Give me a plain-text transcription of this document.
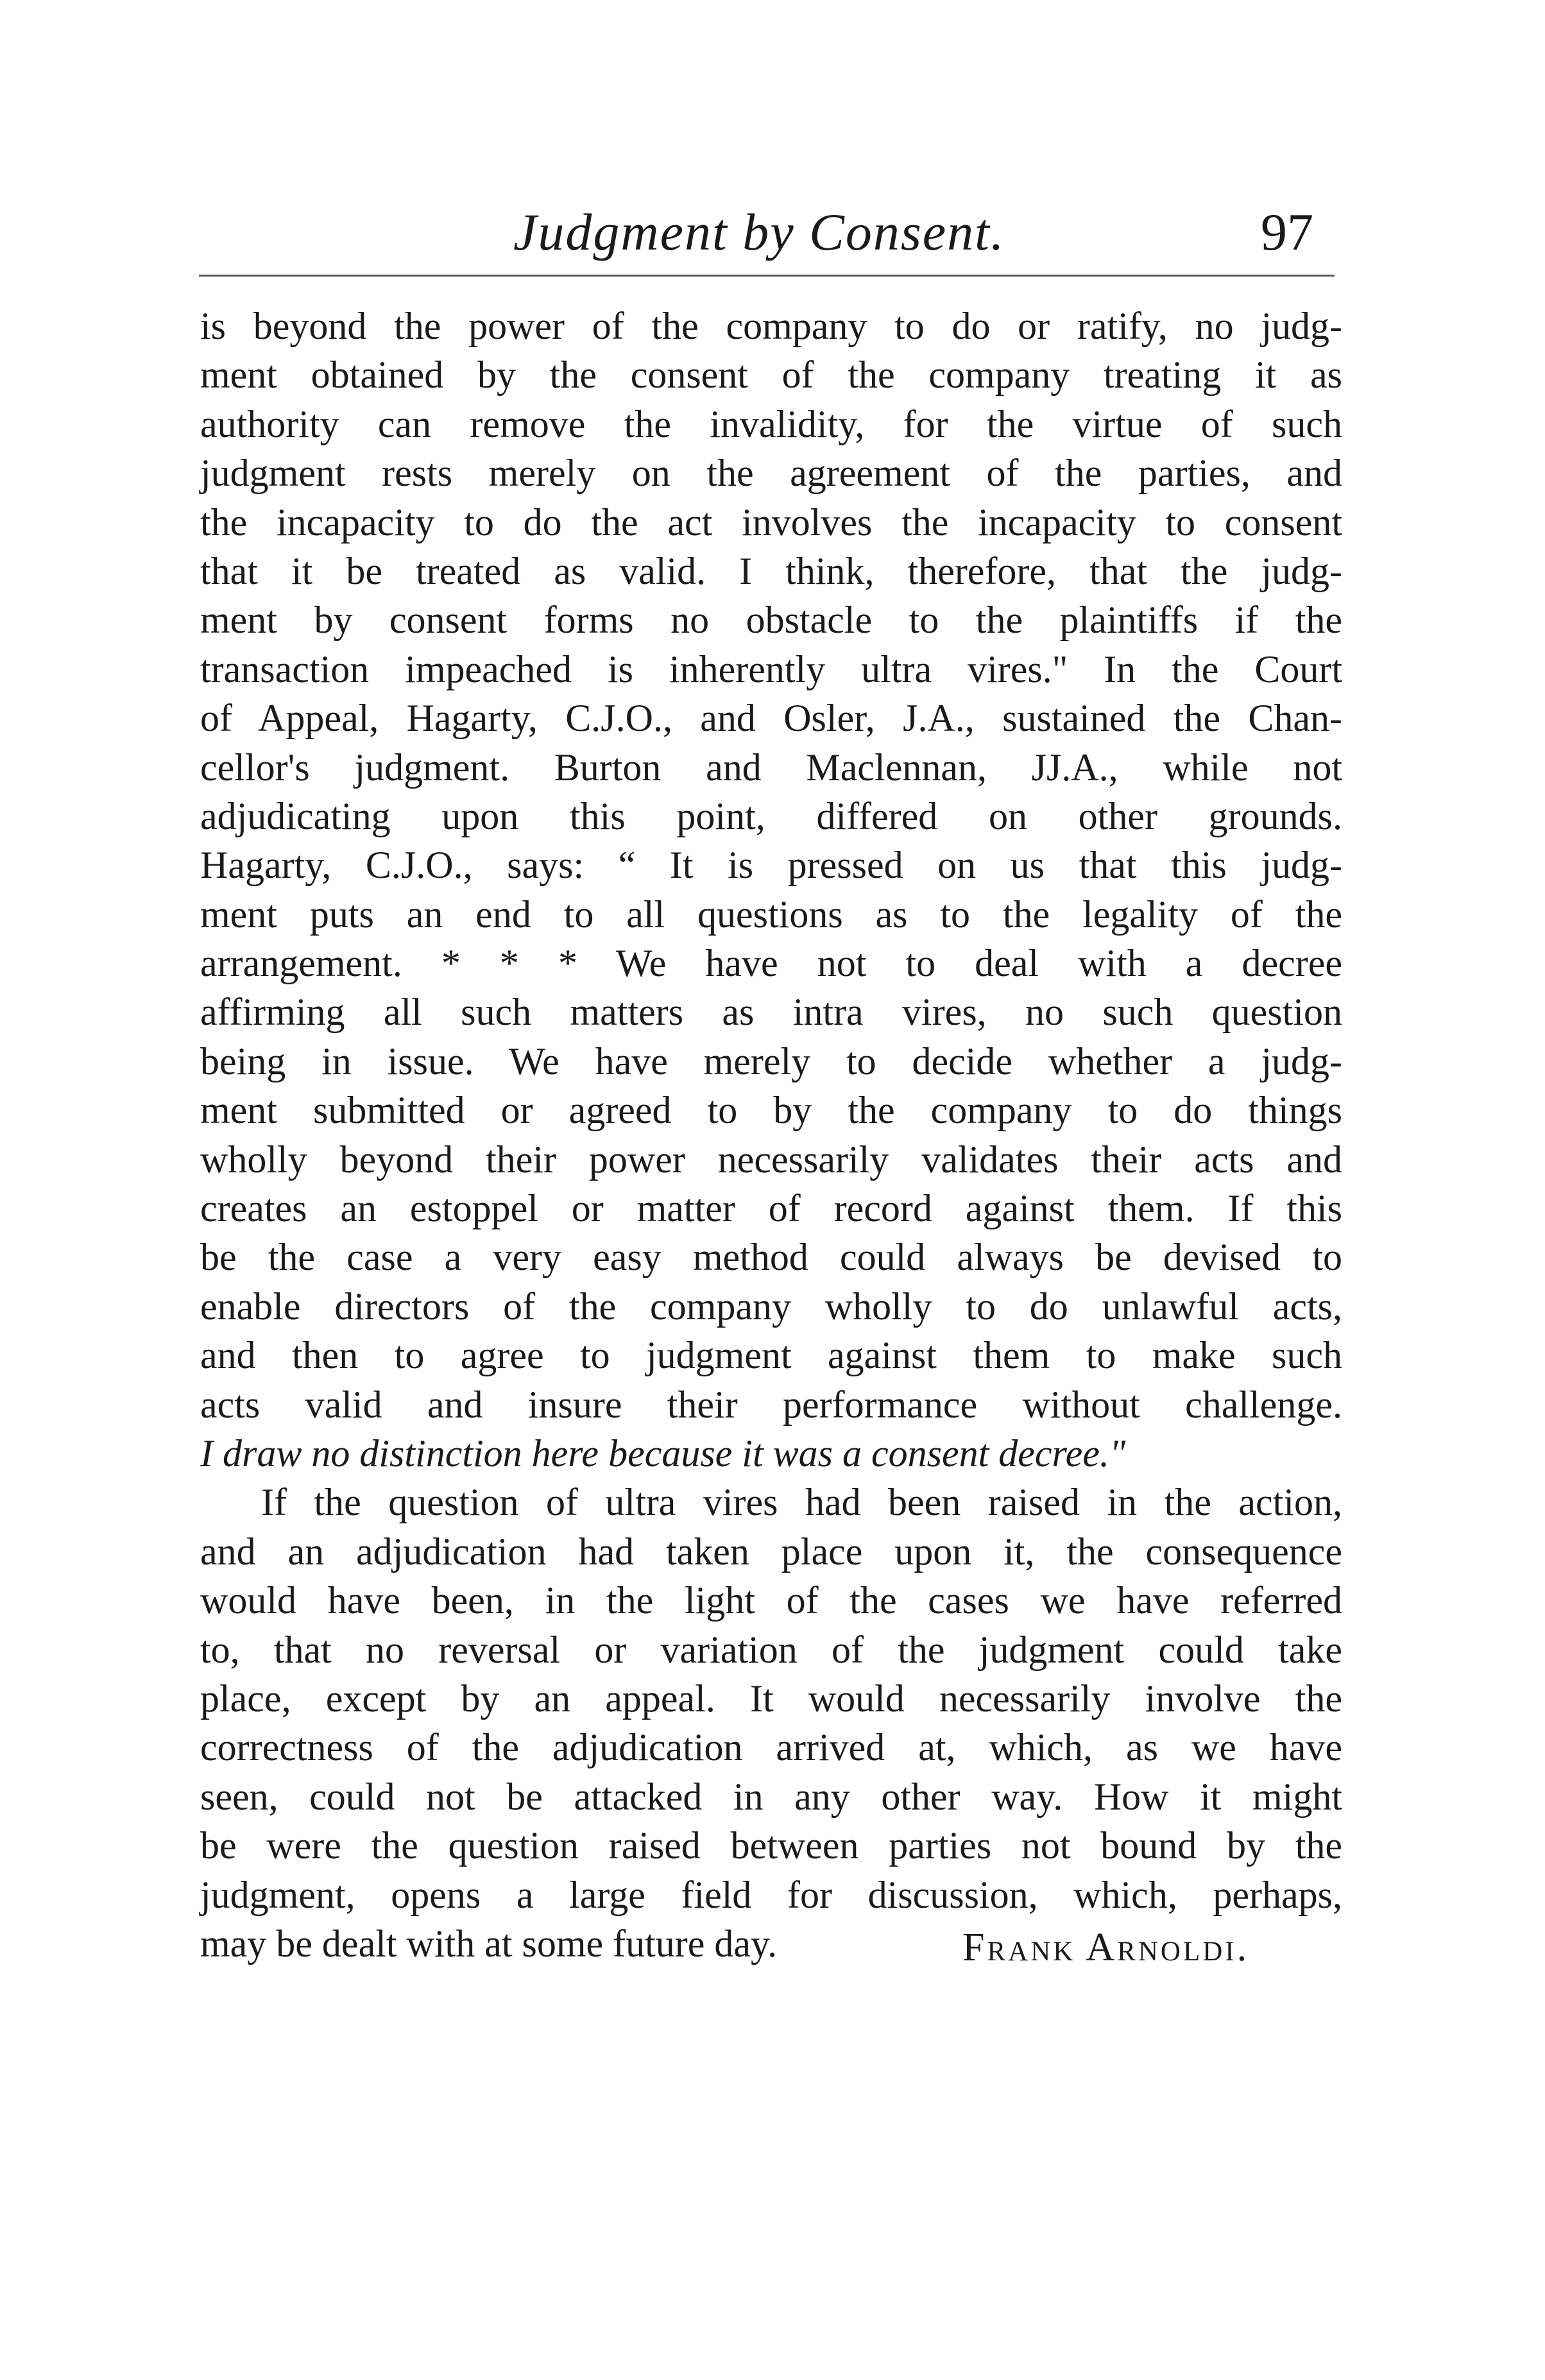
Judgment by Consent.	97
is beyond the power of the company to do or ratify, no judg-
ment obtained by the consent of the company treating it as
authority can remove the invalidity, for the virtue of such
judgment rests merely on the agreement of the parties, and
the incapacity to do the act involves the incapacity to consent
that it be treated as valid. I think, therefore, that the judg-
ment by consent forms no obstacle to the plaintiffs if the
transaction impeached is inherently ultra vires." In the Court
of Appeal, Hagarty, C.J.O., and Osler, J.A., sustained the Chan-
cellor's judgment. Burton and Maclennan, JJ.A., while not
adjudicating upon this point, differed on other grounds.
Hagarty, C.J.O., says: “ It is pressed on us that this judg-
ment puts an end to all questions as to the legality of the
arrangement. * * * We have not to deal with a decree
affirming all such matters as intra vires, no such question
being in issue. We have merely to decide whether a judg-
ment submitted or agreed to by the company to do things
wholly beyond their power necessarily validates their acts and
creates an estoppel or matter of record against them. If this
be the case a very easy method could always be devised to
enable directors of the company wholly to do unlawful acts,
and then to agree to judgment against them to make such
acts valid and insure their performance without challenge.
I draw no distinction here because it was a consent decree."
If the question of ultra vires had been raised in the action,
and an adjudication had taken place upon it, the consequence
would have been, in the light of the cases we have referred
to, that no reversal or variation of the judgment could take
place, except by an appeal. It would necessarily involve the
correctness of the adjudication arrived at, which, as we have
seen, could not be attacked in any other way. How it might
be were the question raised between parties not bound by the
judgment, opens a large field for discussion, which, perhaps,
may be dealt with at some future day.	Frank Arnoldi.
